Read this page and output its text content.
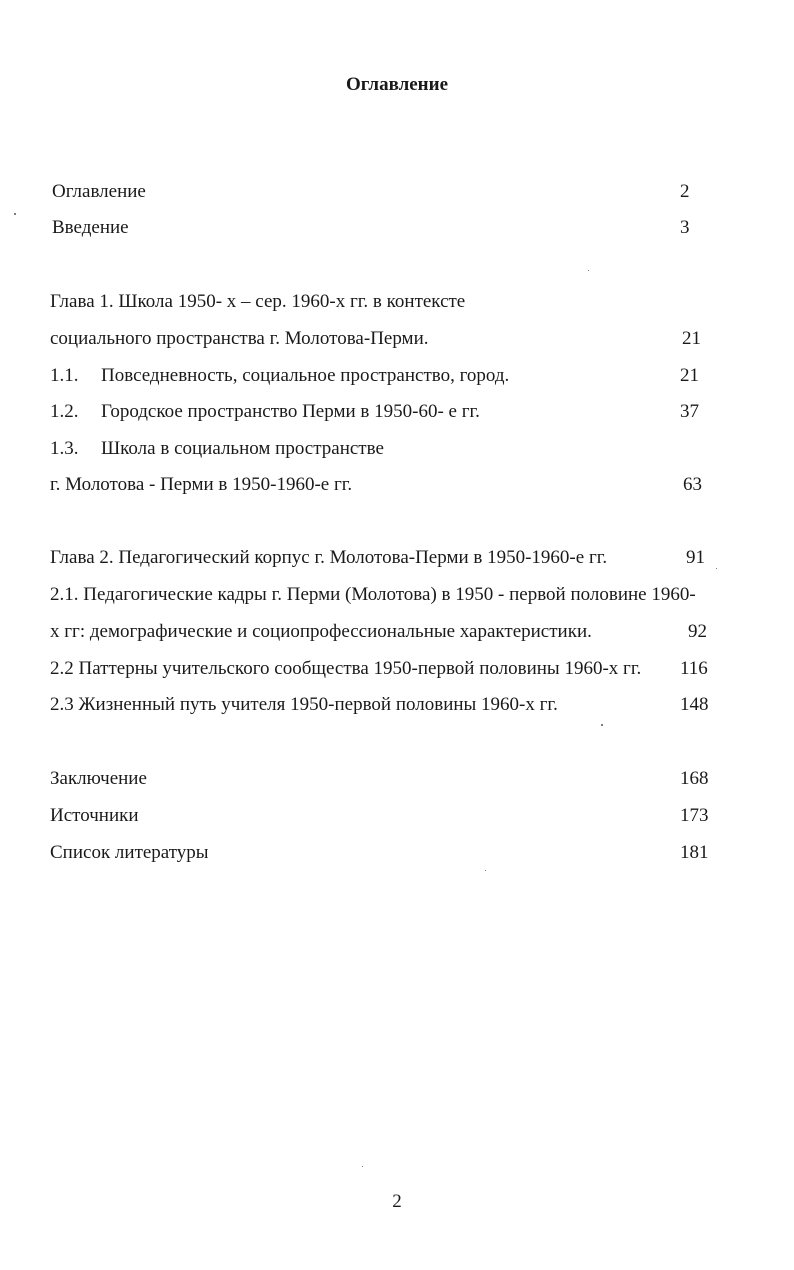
Оглавление
Оглавление	2
Введение	3
Глава 1. Школа 1950- х – сер. 1960-х гг. в контексте
социального пространства г. Молотова-Перми.	21
1.1. Повседневность, социальное пространство, город.	21
1.2. Городское пространство Перми в 1950-60- е гг.	37
1.3. Школа в социальном пространстве
г. Молотова - Перми в 1950-1960-е гг.	63
Глава 2. Педагогический корпус г. Молотова-Перми в 1950-1960-е гг.	91
2.1. Педагогические кадры г. Перми (Молотова) в 1950 - первой половине 1960-
х гг: демографические и социопрофессиональные характеристики.	92
2.2 Паттерны учительского сообщества 1950-первой половины 1960-х гг. 116
2.3 Жизненный путь учителя 1950-первой половины 1960-х гг.	148
Заключение	168
Источники	173
Список литературы	181
2
